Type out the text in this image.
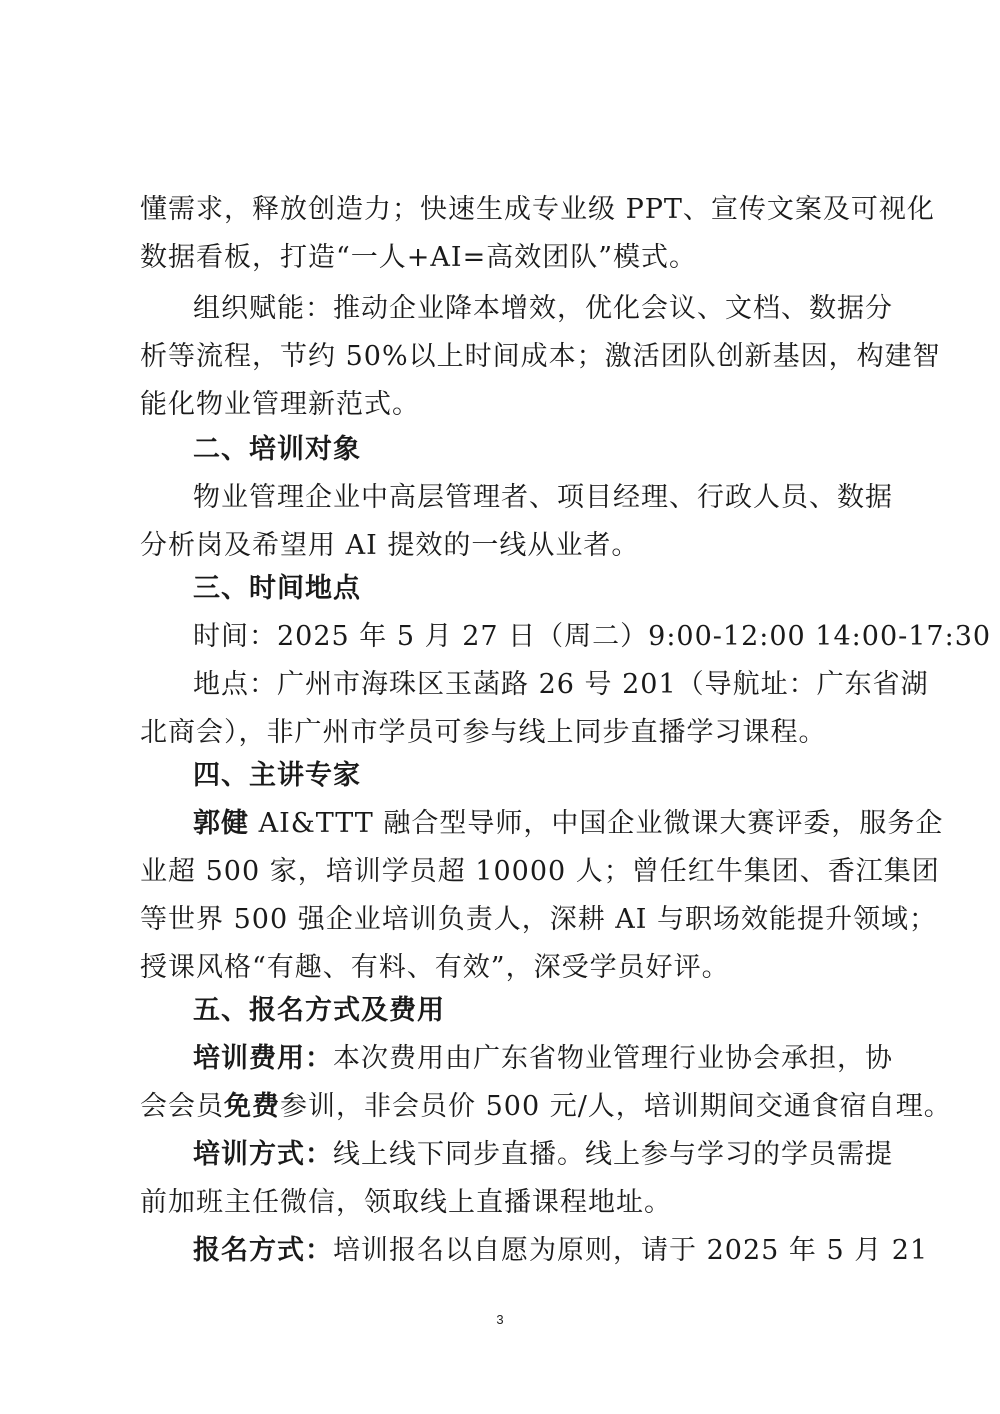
懂需求，释放创造力；快速生成专业级 PPT、宣传文案及可视化
数据看板，打造“一人+AI=高效团队”模式。
组织赋能：推动企业降本增效，优化会议、文档、数据分
析等流程，节约 50%以上时间成本；激活团队创新基因，构建智
能化物业管理新范式。
二、培训对象
物业管理企业中高层管理者、项目经理、行政人员、数据
分析岗及希望用 AI 提效的一线从业者。
三、时间地点
时间：2025 年 5 月 27 日（周二）9:00-12:00 14:00-17:30
地点：广州市海珠区玉菡路 26 号 201（导航址：广东省湖
北商会），非广州市学员可参与线上同步直播学习课程。
四、主讲专家
郭健 AI&TTT 融合型导师，中国企业微课大赛评委，服务企
业超 500 家，培训学员超 10000 人；曾任红牛集团、香江集团
等世界 500 强企业培训负责人，深耕 AI 与职场效能提升领域；
授课风格“有趣、有料、有效”，深受学员好评。
五、报名方式及费用
培训费用：本次费用由广东省物业管理行业协会承担，协
会会员免费参训，非会员价 500 元/人，培训期间交通食宿自理。
培训方式：线上线下同步直播。线上参与学习的学员需提
前加班主任微信，领取线上直播课程地址。
报名方式：培训报名以自愿为原则，请于 2025 年 5 月 21
3
